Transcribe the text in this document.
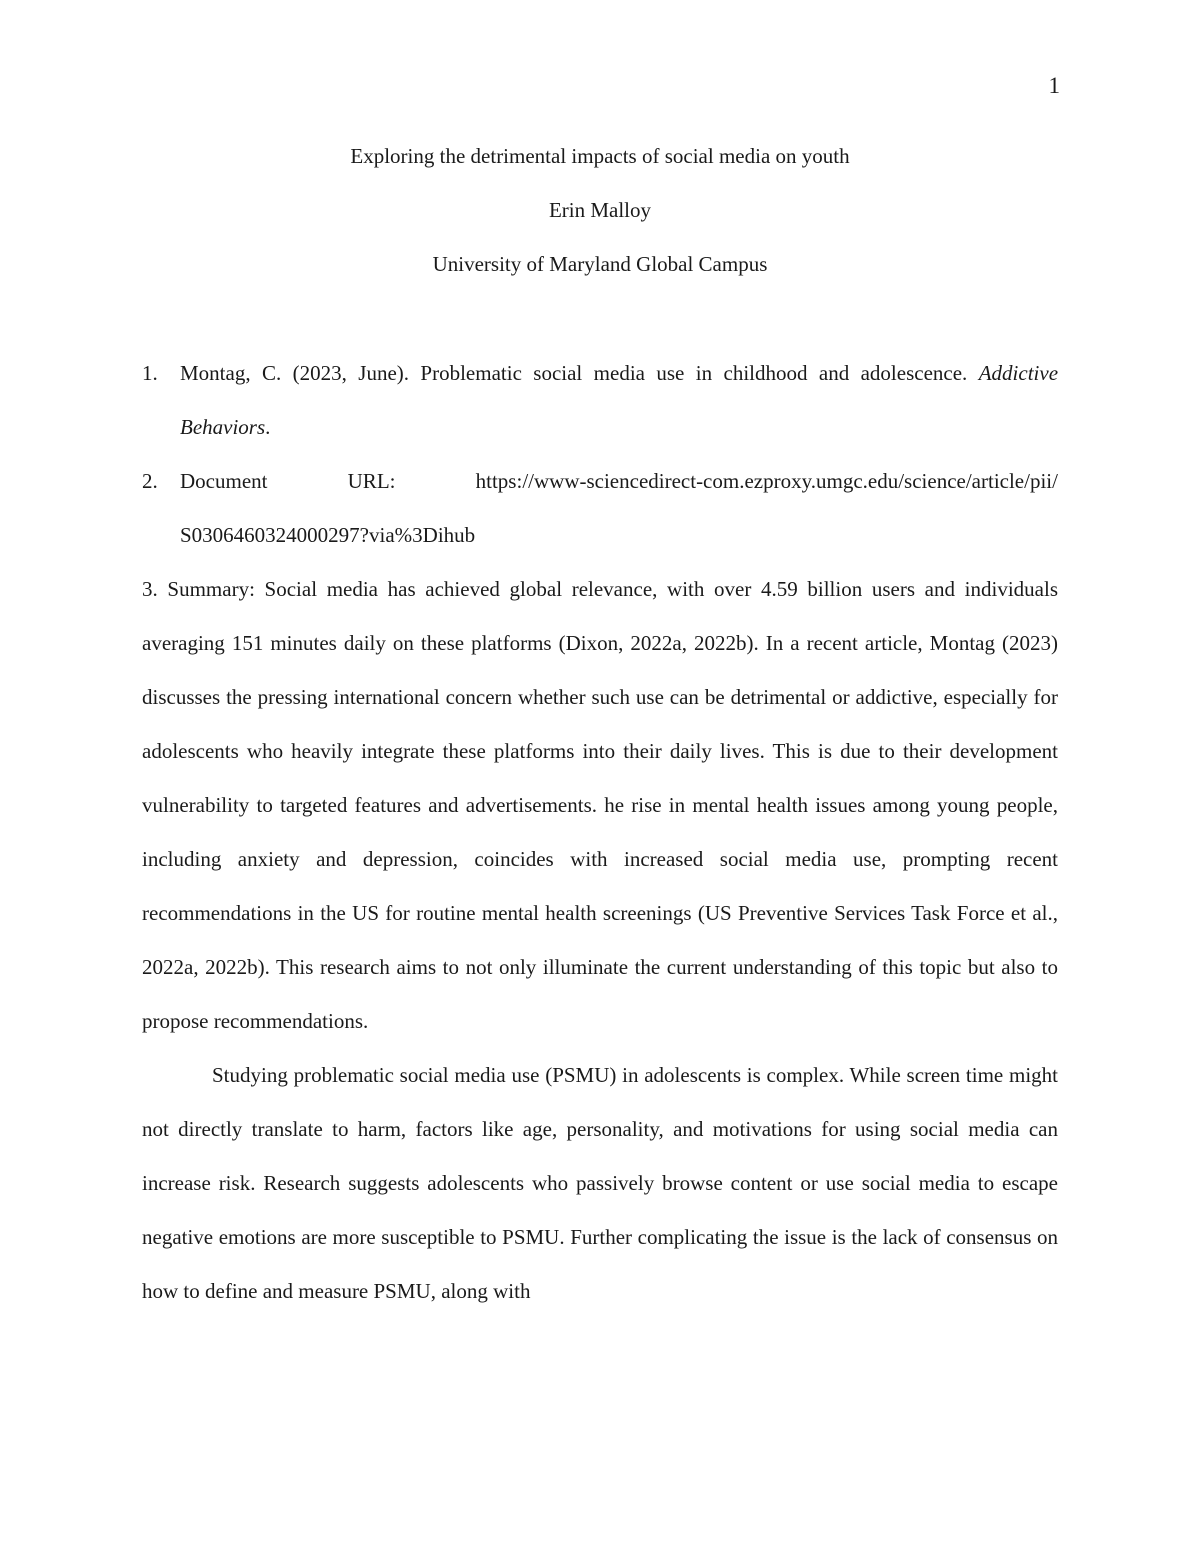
1
Exploring the detrimental impacts of social media on youth
Erin Malloy
University of Maryland Global Campus
1.	Montag, C. (2023, June). Problematic social media use in childhood and adolescence. Addictive Behaviors.
2.	Document	URL:	https://www-sciencedirect-com.ezproxy.umgc.edu/science/article/pii/
S0306460324000297?via%3Dihub

3. Summary: Social media has achieved global relevance, with over 4.59 billion users and individuals averaging 151 minutes daily on these platforms (Dixon, 2022a, 2022b). In a recent article, Montag (2023) discusses the pressing international concern whether such use can be detrimental or addictive, especially for adolescents who heavily integrate these platforms into their daily lives. This is due to their development vulnerability to targeted features and advertisements. he rise in mental health issues among young people, including anxiety and depression, coincides with increased social media use, prompting recent recommendations in the US for routine mental health screenings (US Preventive Services Task Force et al., 2022a, 2022b). This research aims to not only illuminate the current understanding of this topic but also to propose recommendations.

Studying problematic social media use (PSMU) in adolescents is complex. While screen time might not directly translate to harm, factors like age, personality, and motivations for using social media can increase risk. Research suggests adolescents who passively browse content or use social media to escape negative emotions are more susceptible to PSMU. Further complicating the issue is the lack of consensus on how to define and measure PSMU, along with
